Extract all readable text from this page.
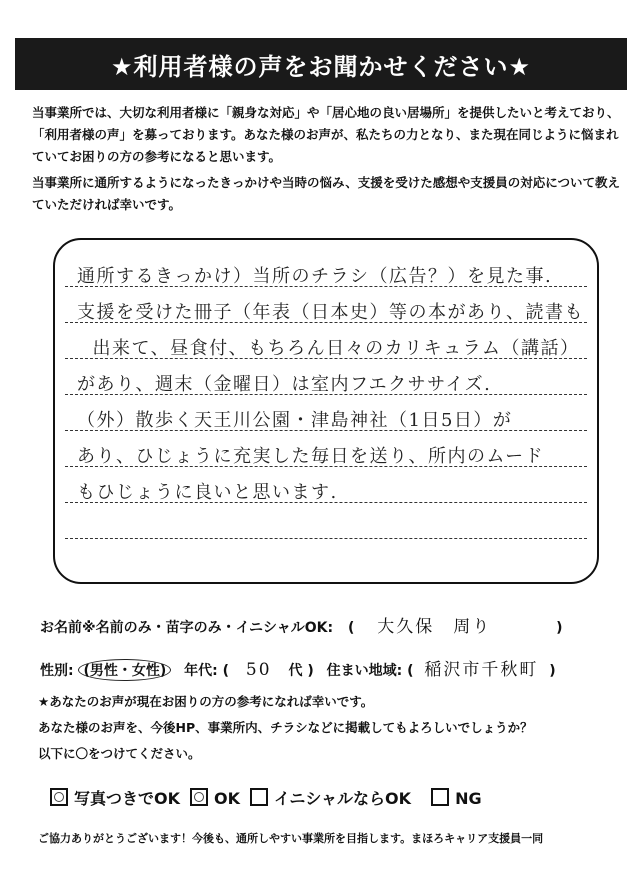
★利用者様の声をお聞かせください★
当事業所では、大切な利用者様に「親身な対応」や「居心地の良い居場所」を提供したいと考えており、「利用者様の声」を募っております。あなた様のお声が、私たちの力となり、また現在同じように悩まれていてお困りの方の参考になると思います。
当事業所に通所するようになったきっかけや当時の悩み、支援を受けた感想や支援員の対応について教えていただければ幸いです。
通所するきっかけ）当所のチラシ（広告？）を見た事.
支援を受けた冊子（年表（日本史）等の本があり、読書も
　出来て、昼食付、もちろん日々のカリキュラム（講話）
があり、週末（金曜日）は室内フエクササイズ.
（外）散歩く天王川公園・津島神社（1日5日）が
あり、ひじょうに充実した毎日を送り、所内のムード
もひじょうに良いと思います.
お名前※名前のみ・苗字のみ・イニシャルOK: ( 大久保　周り	)
性別: (男性・女性) 年代: ( 50 代 ) 住まい地域: ( 稲沢市千秋町 )
★あなたのお声が現在お困りの方の参考になれば幸いです。
あなた様のお声を、今後HP、事業所内、チラシなどに掲載してもよろしいでしょうか？
以下に〇をつけてください。
写真つきでOK	OK	イニシャルならOK	NG
ご協力ありがとうございます！今後も、通所しやすい事業所を目指します。まほろキャリア支援員一同
